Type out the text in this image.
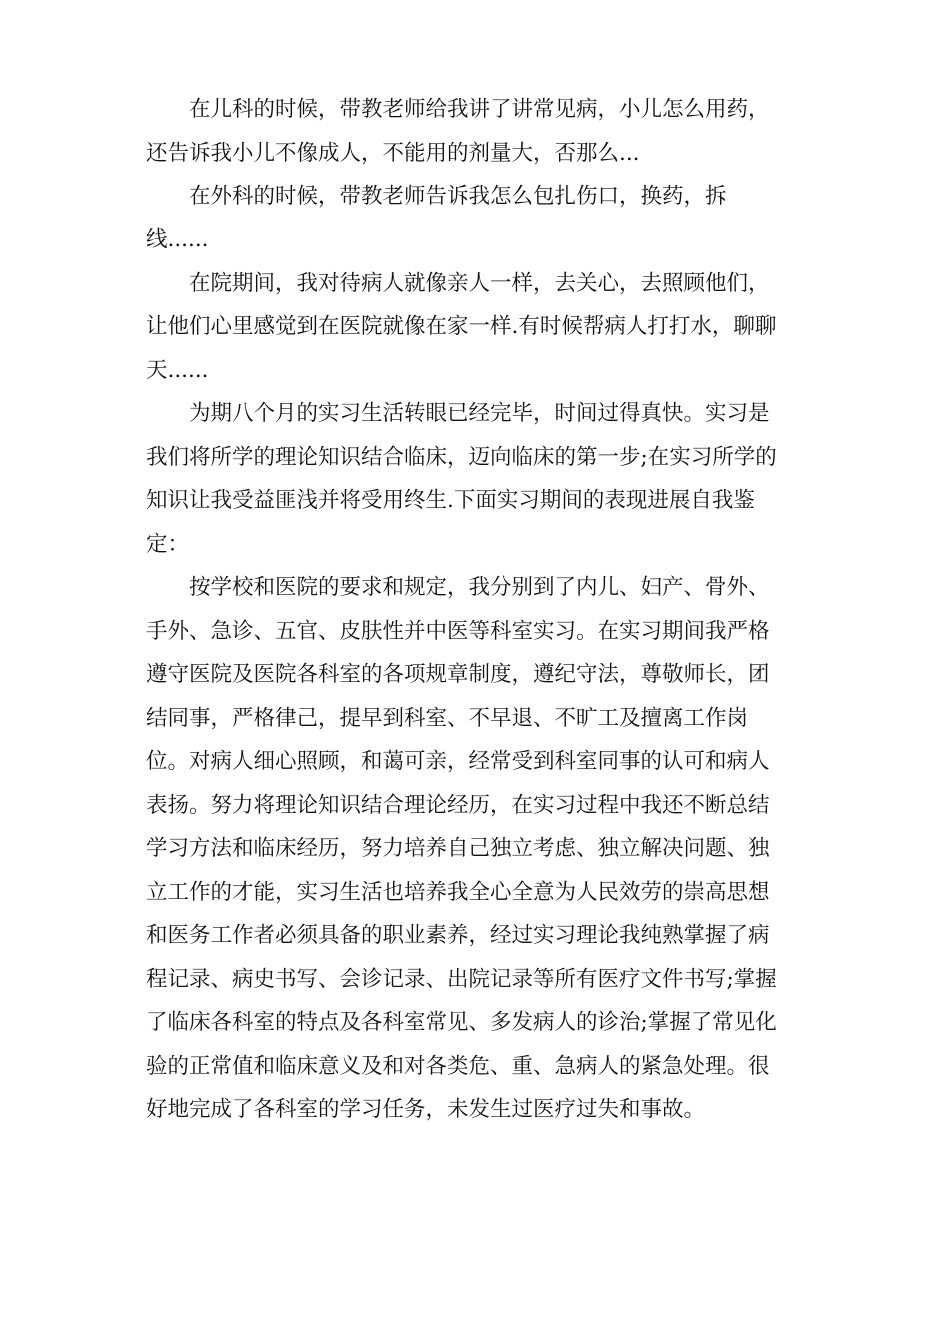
　　在儿科的时候，带教老师给我讲了讲常见病，小儿怎么用药，

还告诉我小儿不像成人，不能用的剂量大，否那么...

　　在外科的时候，带教老师告诉我怎么包扎伤口，换药，拆

线......

　　在院期间，我对待病人就像亲人一样，去关心，去照顾他们，

让他们心里感觉到在医院就像在家一样.有时候帮病人打打水，聊聊

天......

　　为期八个月的实习生活转眼已经完毕，时间过得真快。实习是

我们将所学的理论知识结合临床，迈向临床的第一步;在实习所学的

知识让我受益匪浅并将受用终生.下面实习期间的表现进展自我鉴

定：

　　按学校和医院的要求和规定，我分别到了内儿、妇产、骨外、

手外、急诊、五官、皮肤性并中医等科室实习。在实习期间我严格

遵守医院及医院各科室的各项规章制度，遵纪守法，尊敬师长，团

结同事，严格律己，提早到科室、不早退、不旷工及擅离工作岗

位。对病人细心照顾，和蔼可亲，经常受到科室同事的认可和病人

表扬。努力将理论知识结合理论经历，在实习过程中我还不断总结

学习方法和临床经历，努力培养自己独立考虑、独立解决问题、独

立工作的才能，实习生活也培养我全心全意为人民效劳的崇高思想

和医务工作者必须具备的职业素养，经过实习理论我纯熟掌握了病

程记录、病史书写、会诊记录、出院记录等所有医疗文件书写;掌握

了临床各科室的特点及各科室常见、多发病人的诊治;掌握了常见化

验的正常值和临床意义及和对各类危、重、急病人的紧急处理。很

好地完成了各科室的学习任务，未发生过医疗过失和事故。
